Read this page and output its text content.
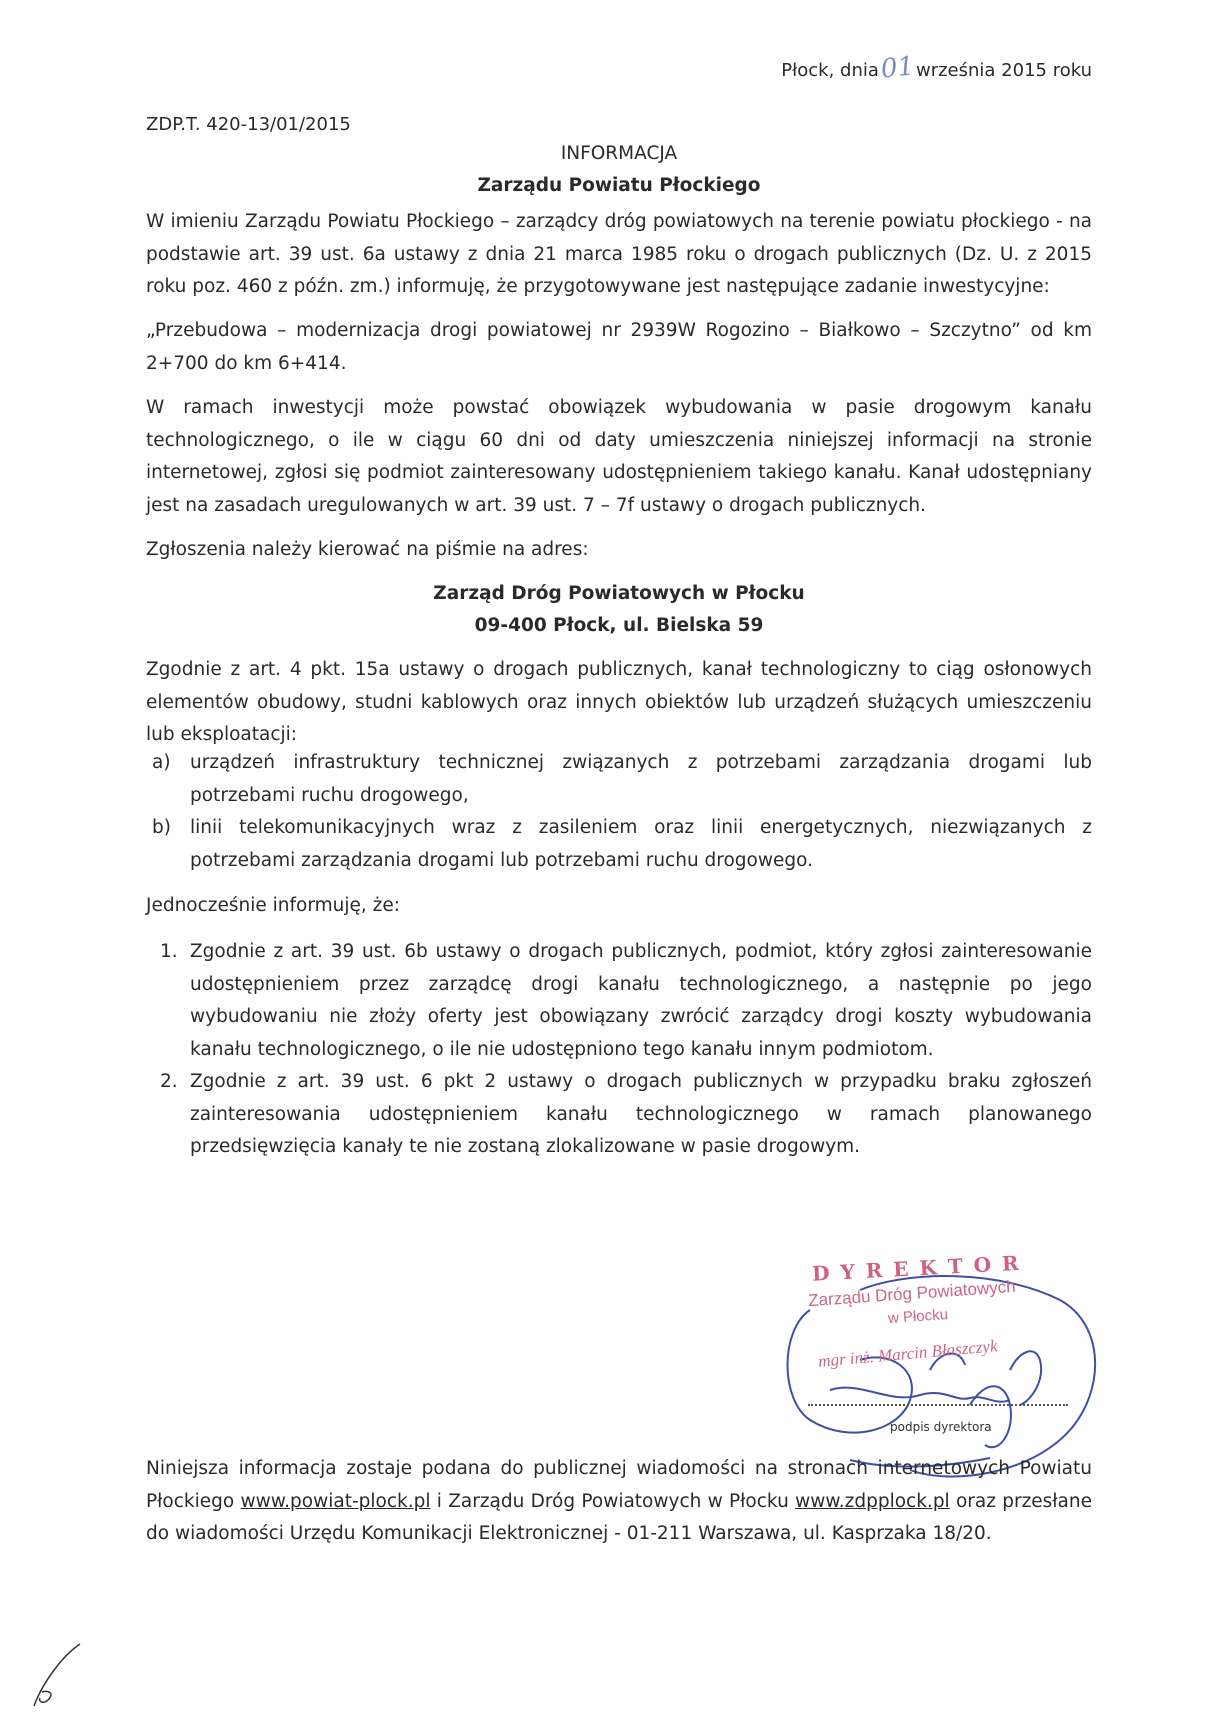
Płock, dnia01września 2015 roku
ZDP.T. 420-13/01/2015
INFORMACJA
Zarządu Powiatu Płockiego

W imieniu Zarządu Powiatu Płockiego – zarządcy dróg powiatowych na terenie powiatu płockiego - na podstawie art. 39 ust. 6a ustawy z dnia 21 marca 1985 roku o drogach publicznych (Dz. U. z 2015 roku poz. 460 z późn. zm.) informuję, że przygotowywane jest następujące zadanie inwestycyjne:

„Przebudowa – modernizacja drogi powiatowej nr 2939W Rogozino – Białkowo – Szczytno” od km 2+700 do km 6+414.

W ramach inwestycji może powstać obowiązek wybudowania w pasie drogowym kanału technologicznego, o ile w ciągu 60 dni od daty umieszczenia niniejszej informacji na stronie internetowej, zgłosi się podmiot zainteresowany udostępnieniem takiego kanału. Kanał udostępniany jest na zasadach uregulowanych w art. 39 ust. 7 – 7f ustawy o drogach publicznych.

Zgłoszenia należy kierować na piśmie na adres:

Zarząd Dróg Powiatowych w Płocku
09-400 Płock, ul. Bielska 59

Zgodnie z art. 4 pkt. 15a ustawy o drogach publicznych, kanał technologiczny to ciąg osłonowych elementów obudowy, studni kablowych oraz innych obiektów lub urządzeń służących umieszczeniu lub eksploatacji:

a) urządzeń infrastruktury technicznej związanych z potrzebami zarządzania drogami lub potrzebami ruchu drogowego,
b) linii telekomunikacyjnych wraz z zasileniem oraz linii energetycznych, niezwiązanych z potrzebami zarządzania drogami lub potrzebami ruchu drogowego.

Jednocześnie informuję, że:

1. Zgodnie z art. 39 ust. 6b ustawy o drogach publicznych, podmiot, który zgłosi zainteresowanie udostępnieniem przez zarządcę drogi kanału technologicznego, a następnie po jego wybudowaniu nie złoży oferty jest obowiązany zwrócić zarządcy drogi koszty wybudowania kanału technologicznego, o ile nie udostępniono tego kanału innym podmiotom.
2. Zgodnie z art. 39 ust. 6 pkt 2 ustawy o drogach publicznych w przypadku braku zgłoszeń zainteresowania udostępnieniem kanału technologicznego w ramach planowanego przedsięwzięcia kanały te nie zostaną zlokalizowane w pasie drogowym.
DYREKTOR
Zarządu Dróg Powiatowych
w Płocku
mgr inż. Marcin Błaszczyk
podpis dyrektora

Niniejsza informacja zostaje podana do publicznej wiadomości na stronach internetowych Powiatu Płockiego www.powiat-plock.pl i Zarządu Dróg Powiatowych w Płocku www.zdpplock.pl oraz przesłane do wiadomości Urzędu Komunikacji Elektronicznej - 01-211 Warszawa, ul. Kasprzaka 18/20.
